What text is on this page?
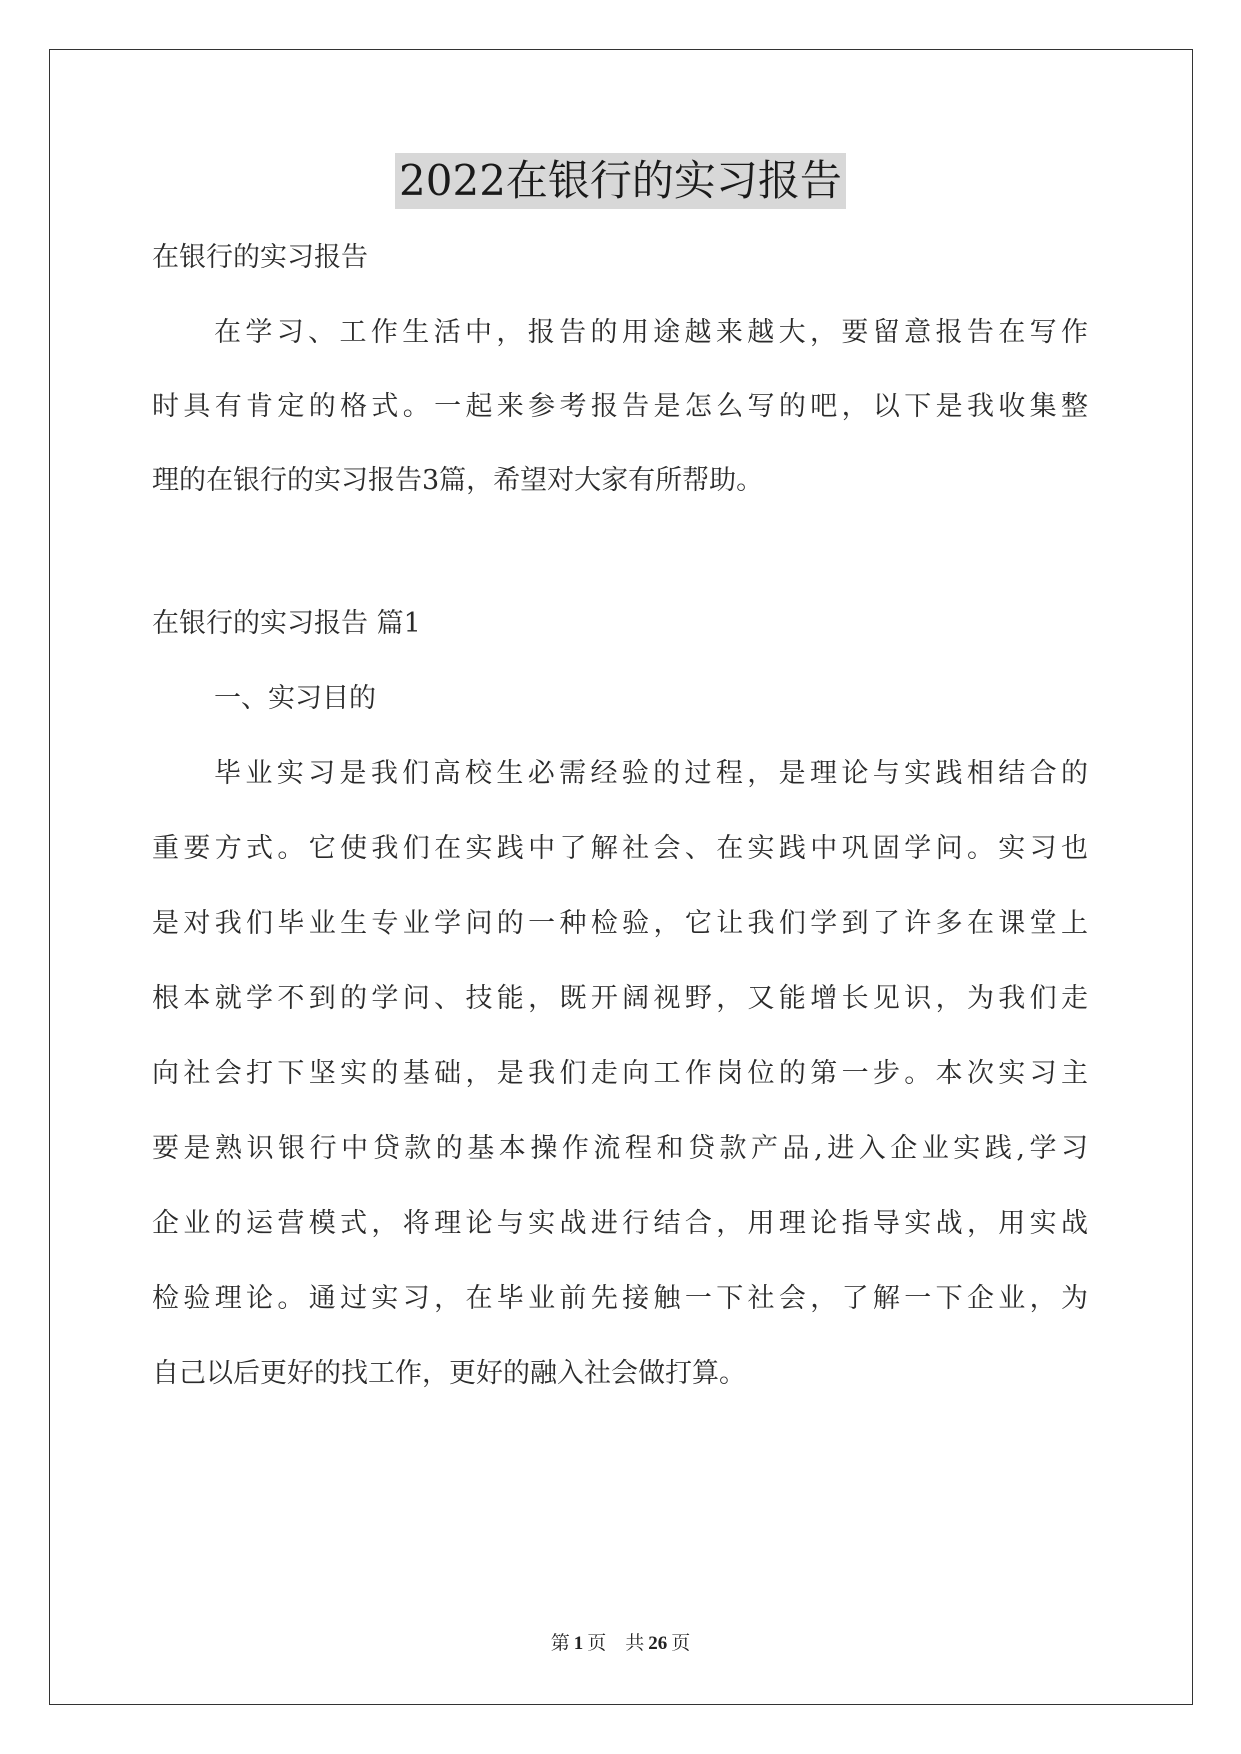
2022在银行的实习报告
在银行的实习报告
在学习、工作生活中，报告的用途越来越大，要留意报告在写作
时具有肯定的格式。一起来参考报告是怎么写的吧，以下是我收集整
理的在银行的实习报告3篇，希望对大家有所帮助。
在银行的实习报告 篇1
一、实习目的
毕业实习是我们高校生必需经验的过程，是理论与实践相结合的
重要方式。它使我们在实践中了解社会、在实践中巩固学问。实习也
是对我们毕业生专业学问的一种检验，它让我们学到了许多在课堂上
根本就学不到的学问、技能，既开阔视野，又能增长见识，为我们走
向社会打下坚实的基础，是我们走向工作岗位的第一步。本次实习主
要是熟识银行中贷款的基本操作流程和贷款产品,进入企业实践,学习
企业的运营模式，将理论与实战进行结合，用理论指导实战，用实战
检验理论。通过实习，在毕业前先接触一下社会，了解一下企业，为
自己以后更好的找工作，更好的融入社会做打算。
第 1 页 共 26 页
